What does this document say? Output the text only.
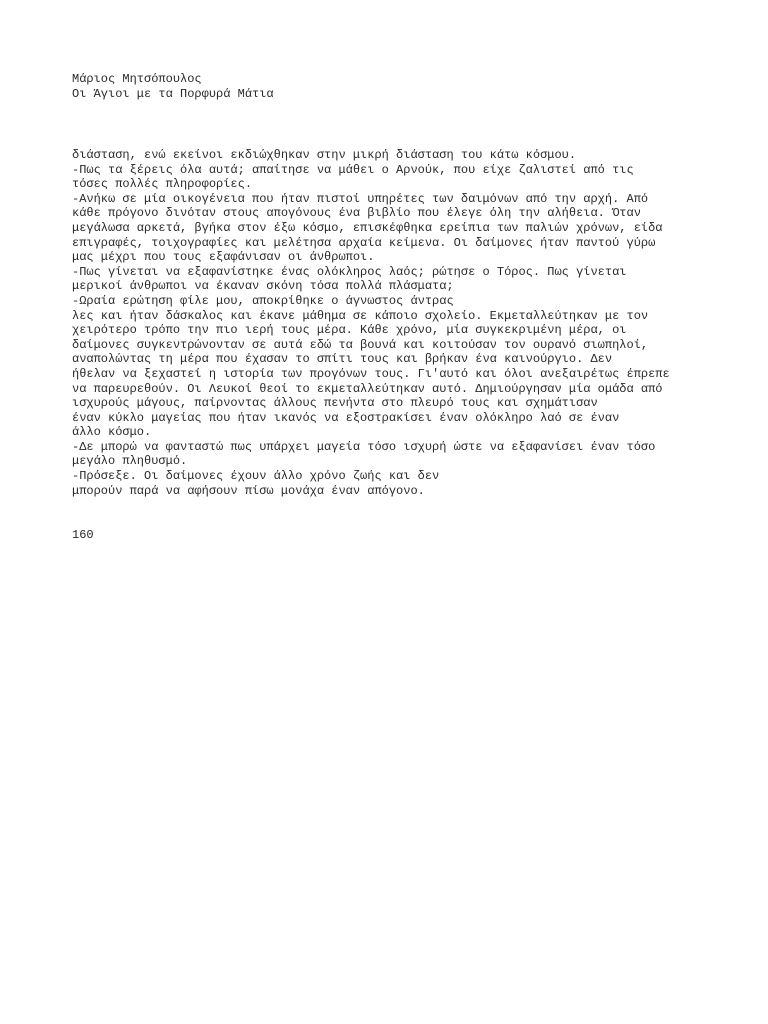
Μάριος Μητσόπουλος
Οι Άγιοι με τα Πορφυρά Μάτια
διάσταση, ενώ εκείνοι εκδιώχθηκαν στην μικρή διάσταση του κάτω κόσμου.
-Πως τα ξέρεις όλα αυτά; απαίτησε να μάθει ο Αρνούκ, που είχε ζαλιστεί από τις
τόσες πολλές πληροφορίες.
-Ανήκω σε μία οικογένεια που ήταν πιστοί υπηρέτες των δαιμόνων από την αρχή. Από
κάθε πρόγονο δινόταν στους απογόνους ένα βιβλίο που έλεγε όλη την αλήθεια. Όταν
μεγάλωσα αρκετά, βγήκα στον έξω κόσμο, επισκέφθηκα ερείπια των παλιών χρόνων, είδα
επιγραφές, τοιχογραφίες και μελέτησα αρχαία κείμενα. Οι δαίμονες ήταν παντού γύρω
μας μέχρι που τους εξαφάνισαν οι άνθρωποι.
-Πως γίνεται να εξαφανίστηκε ένας ολόκληρος λαός; ρώτησε ο Τόρος. Πως γίνεται
μερικοί άνθρωποι να έκαναν σκόνη τόσα πολλά πλάσματα;
-Ωραία ερώτηση φίλε μου, αποκρίθηκε ο άγνωστος άντρας
λες και ήταν δάσκαλος και έκανε μάθημα σε κάποιο σχολείο. Εκμεταλλεύτηκαν με τον
χειρότερο τρόπο την πιο ιερή τους μέρα. Κάθε χρόνο, μία συγκεκριμένη μέρα, οι
δαίμονες συγκεντρώνονταν σε αυτά εδώ τα βουνά και κοιτούσαν τον ουρανό σιωπηλοί,
αναπολώντας τη μέρα που έχασαν το σπίτι τους και βρήκαν ένα καινούργιο. Δεν
ήθελαν να ξεχαστεί η ιστορία των προγόνων τους. Γι'αυτό και όλοι ανεξαιρέτως έπρεπε
να παρευρεθούν. Οι Λευκοί θεοί το εκμεταλλεύτηκαν αυτό. Δημιούργησαν μία ομάδα από
ισχυρούς μάγους, παίρνοντας άλλους πενήντα στο πλευρό τους και σχημάτισαν
έναν κύκλο μαγείας που ήταν ικανός να εξοστρακίσει έναν ολόκληρο λαό σε έναν
άλλο κόσμο.
-Δε μπορώ να φανταστώ πως υπάρχει μαγεία τόσο ισχυρή ώστε να εξαφανίσει έναν τόσο
μεγάλο πληθυσμό.
-Πρόσεξε. Οι δαίμονες έχουν άλλο χρόνο ζωής και δεν
μπορούν παρά να αφήσουν πίσω μονάχα έναν απόγονο.
160
